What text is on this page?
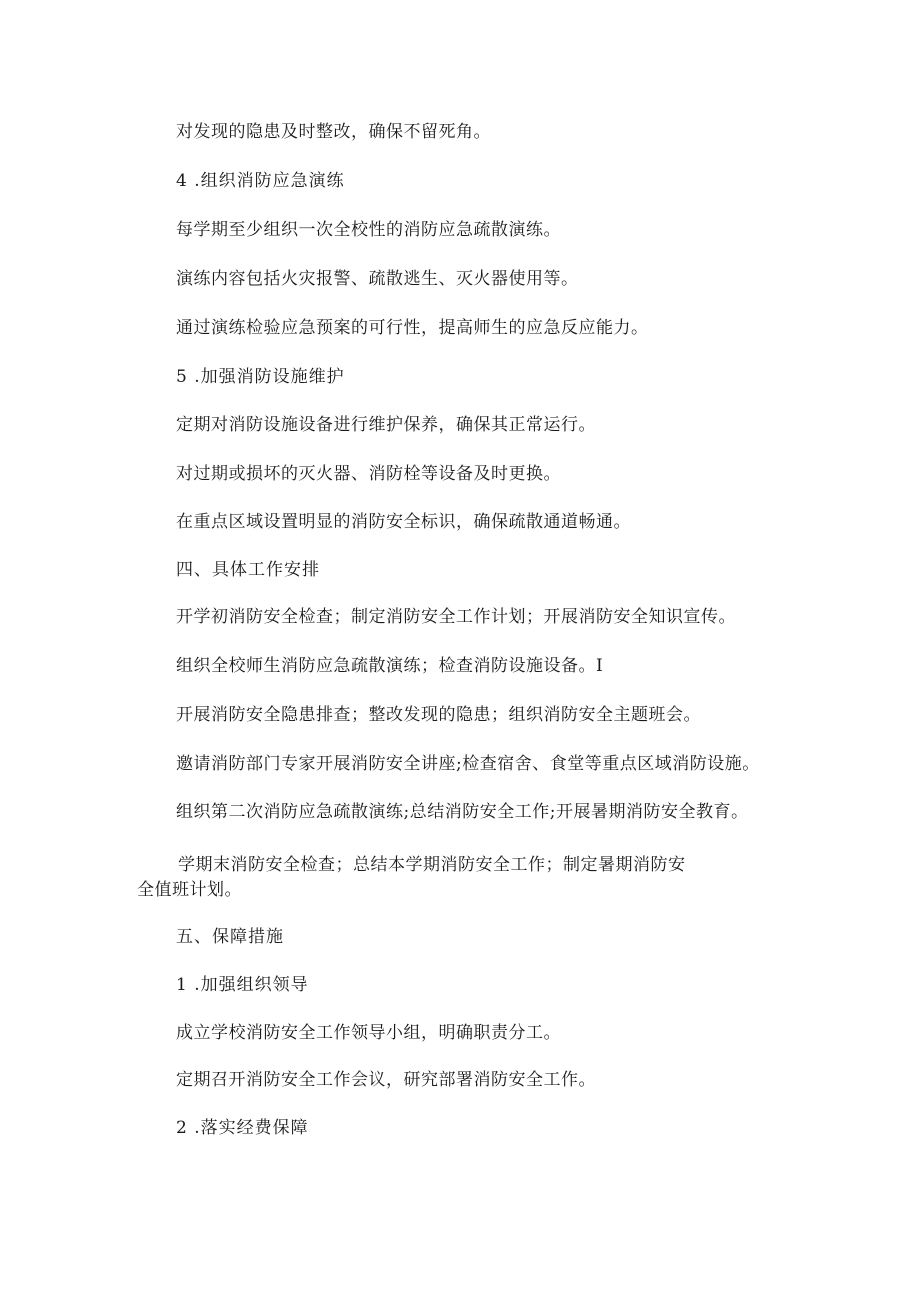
对发现的隐患及时整改，确保不留死角。
4 .组织消防应急演练
每学期至少组织一次全校性的消防应急疏散演练。
演练内容包括火灾报警、疏散逃生、灭火器使用等。
通过演练检验应急预案的可行性，提高师生的应急反应能力。
5 .加强消防设施维护
定期对消防设施设备进行维护保养，确保其正常运行。
对过期或损坏的灭火器、消防栓等设备及时更换。
在重点区域设置明显的消防安全标识，确保疏散通道畅通。
四、具体工作安排
开学初消防安全检查；制定消防安全工作计划；开展消防安全知识宣传。
组织全校师生消防应急疏散演练；检查消防设施设备。I
开展消防安全隐患排查；整改发现的隐患；组织消防安全主题班会。
邀请消防部门专家开展消防安全讲座;检查宿舍、食堂等重点区域消防设施。
组织第二次消防应急疏散演练;总结消防安全工作;开展暑期消防安全教育。
学期末消防安全检查；总结本学期消防安全工作；制定暑期消防安
全值班计划。
五、保障措施
1 .加强组织领导
成立学校消防安全工作领导小组，明确职责分工。
定期召开消防安全工作会议，研究部署消防安全工作。
2 .落实经费保障
